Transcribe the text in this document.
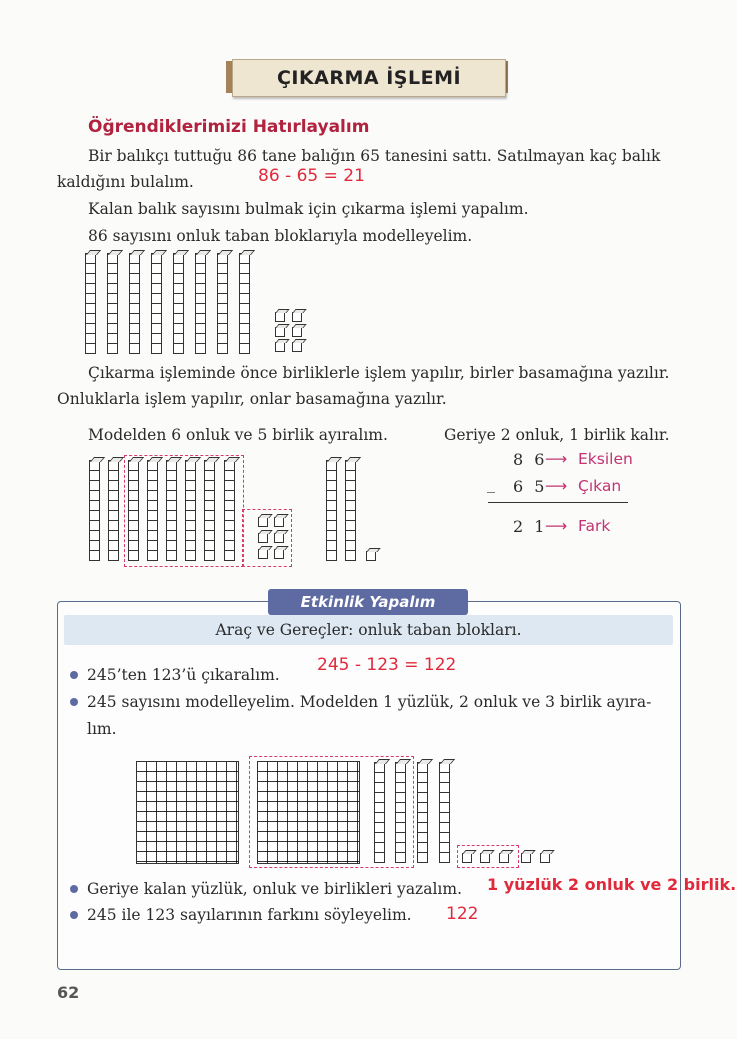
ÇIKARMA İŞLEMİ
Öğrendiklerimizi Hatırlayalım
Bir balıkçı tuttuğu 86 tane balığın 65 tanesini sattı. Satılmayan kaç balık
kaldığını bulalım.	86 - 65 = 21
Kalan balık sayısını bulmak için çıkarma işlemi yapalım.
86 sayısını onluk taban bloklarıyla modelleyelim.
Çıkarma işleminde önce birliklerle işlem yapılır, birler basamağına yazılır.
Onluklarla işlem yapılır, onlar basamağına yazılır.
Modelden 6 onluk ve 5 birlik ayıralım.	Geriye 2 onluk, 1 birlik kalır.
8 6
⟶ Eksilen
_ 6 5
⟶ Çıkan
2 1
⟶ Fark
Etkinlik Yapalım
Araç ve Gereçler: onluk taban blokları.
245’ten 123’ü çıkaralım. 245 - 123 = 122
245 sayısını modelleyelim. Modelden 1 yüzlük, 2 onluk ve 3 birlik ayıra-
lım.
Geriye kalan yüzlük, onluk ve birlikleri yazalım. 1 yüzlük 2 onluk ve 2 birlik.
245 ile 123 sayılarının farkını söyleyelim. 122
62
